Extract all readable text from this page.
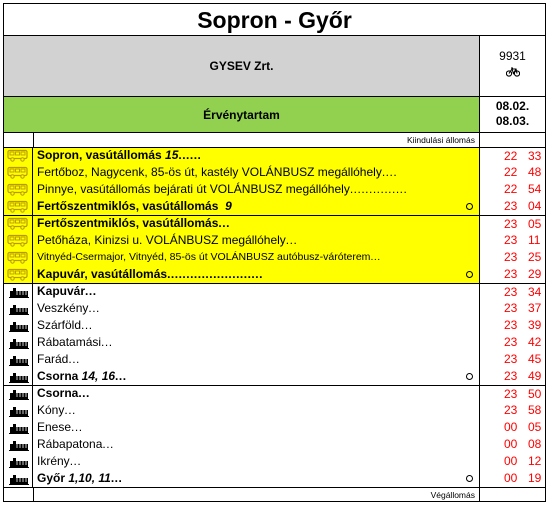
Sopron - Győr
GYSEV Zrt.
9931
Érvénytartam
08.02.
08.03.
Kiindulási állomás
Sopron, vasútállomás 15......	22 33
Fertőboz, Nagycenk, 85-ös út, kastély VOLÁNBUSZ megállóhely....	22 48
Pinnye, vasútállomás bejárati út VOLÁNBUSZ megállóhely...............	22 54
Fertőszentmiklós, vasútállomás  9	23 04
Fertőszentmiklós, vasútállomás...	23 05
Petőháza, Kinizsi u. VOLÁNBUSZ megállóhely...	23 11
Vitnyéd-Csermajor, Vitnyéd, 85-ös út VOLÁNBUSZ autóbusz-váróterem...	23 25
Kapuvár, vasútállomás.........................	23 29
Kapuvár...	23 34
Veszkény...	23 37
Szárföld...	23 39
Rábatamási...	23 42
Farád...	23 45
Csorna 14, 16...	23 49
Csorna...	23 50
Kóny...	23 58
Enese...	00 05
Rábapatona...	00 08
Ikrény...	00 12
Győr 1,10, 11...	00 19
Végállomás
